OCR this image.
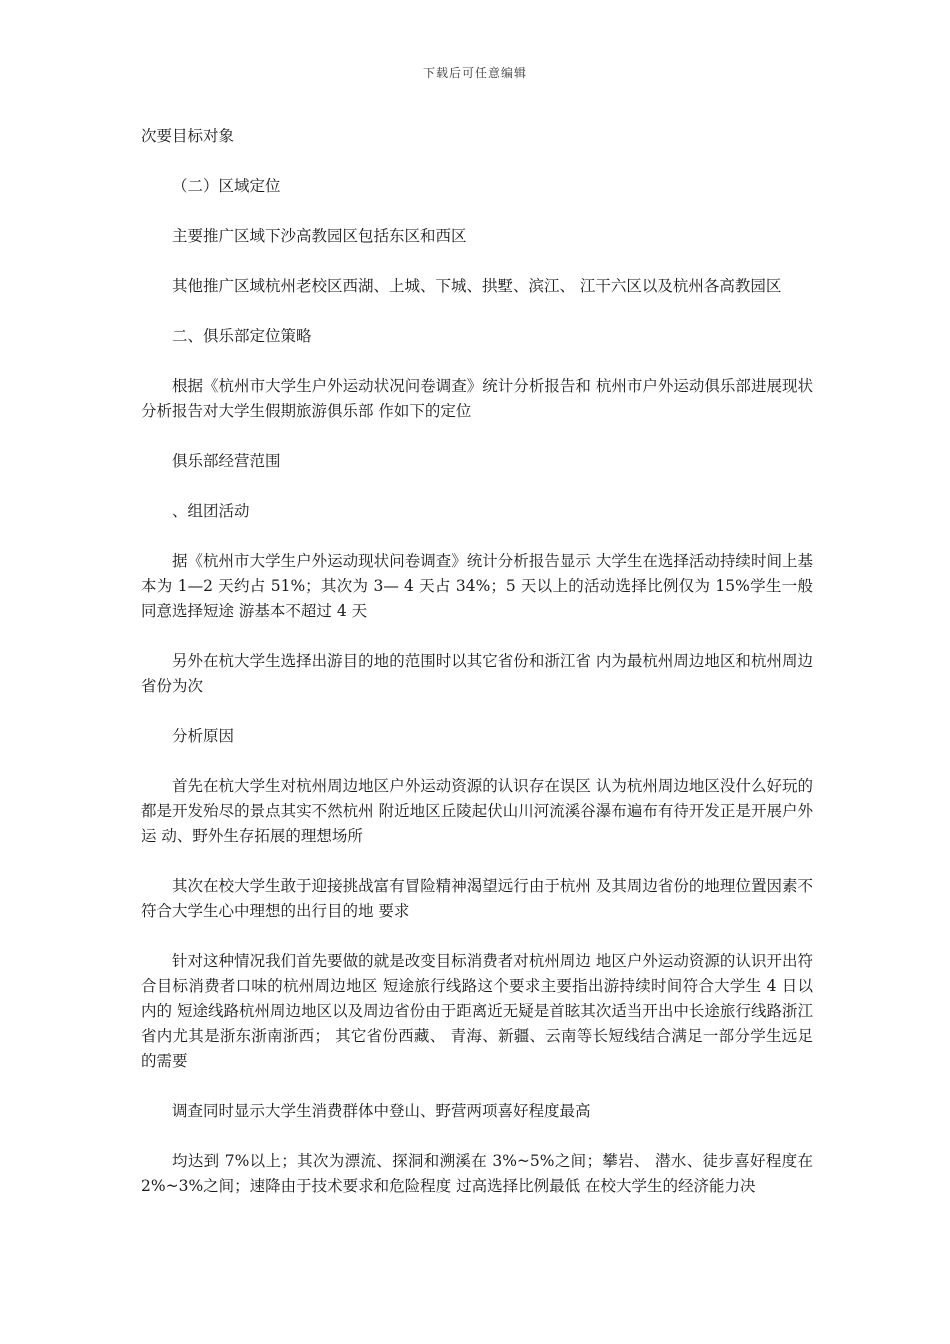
下载后可任意编辑

次要目标对象

（二）区域定位

主要推广区域下沙高教园区包括东区和西区

其他推广区域杭州老校区西湖、上城、下城、拱墅、滨江、 江干六区以及杭州各高教园区

二、俱乐部定位策略

根据《杭州市大学生户外运动状况问卷调查》统计分析报告和 杭州市户外运动俱乐部进展现状分析报告对大学生假期旅游俱乐部 作如下的定位

俱乐部经营范围

、组团活动

据《杭州市大学生户外运动现状问卷调查》统计分析报告显示 大学生在选择活动持续时间上基本为 1—2 天约占 51%；其次为 3— 4 天占 34%；5 天以上的活动选择比例仅为 15%学生一般同意选择短途 游基本不超过 4 天

另外在杭大学生选择出游目的地的范围时以其它省份和浙江省 内为最杭州周边地区和杭州周边省份为次

分析原因

首先在杭大学生对杭州周边地区户外运动资源的认识存在误区 认为杭州周边地区没什么好玩的都是开发殆尽的景点其实不然杭州 附近地区丘陵起伏山川河流溪谷瀑布遍布有待开发正是开展户外运 动、野外生存拓展的理想场所

其次在校大学生敢于迎接挑战富有冒险精神渴望远行由于杭州 及其周边省份的地理位置因素不符合大学生心中理想的出行目的地 要求

针对这种情况我们首先要做的就是改变目标消费者对杭州周边 地区户外运动资源的认识开出符合目标消费者口味的杭州周边地区 短途旅行线路这个要求主要指出游持续时间符合大学生 4 日以内的 短途线路杭州周边地区以及周边省份由于距离近无疑是首眩其次适当开出中长途旅行线路浙江省内尤其是浙东浙南浙西； 其它省份西藏、 青海、新疆、云南等长短线结合满足一部分学生远足的需要

调查同时显示大学生消费群体中登山、野营两项喜好程度最高

均达到 7%以上；其次为漂流、探洞和溯溪在 3%~5%之间；攀岩、 潜水、徒步喜好程度在 2%~3%之间；速降由于技术要求和危险程度 过高选择比例最低 在校大学生的经济能力决
